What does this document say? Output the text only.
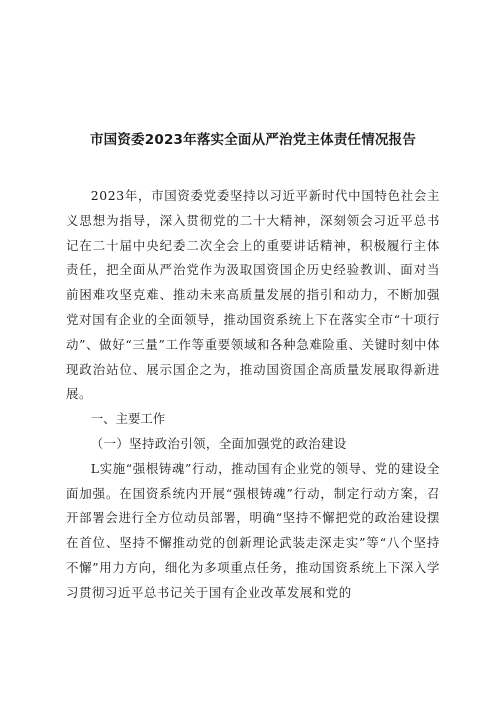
市国资委2023年落实全面从严治党主体责任情况报告

2023年，市国资委党委坚持以习近平新时代中国特色社会主义思想为指导，深入贯彻党的二十大精神，深刻领会习近平总书记在二十届中央纪委二次全会上的重要讲话精神，积极履行主体责任，把全面从严治党作为汲取国资国企历史经验教训、面对当前困难攻坚克难、推动未来高质量发展的指引和动力，不断加强党对国有企业的全面领导，推动国资系统上下在落实全市“十项行动”、做好“三量”工作等重要领域和各种急难险重、关键时刻中体现政治站位、展示国企之为，推动国资国企高质量发展取得新进展。

一、主要工作

（一）坚持政治引领，全面加强党的政治建设

L实施“强根铸魂”行动，推动国有企业党的领导、党的建设全面加强。在国资系统内开展“强根铸魂”行动，制定行动方案，召开部署会进行全方位动员部署，明确“坚持不懈把党的政治建设摆在首位、坚持不懈推动党的创新理论武装走深走实”等“八个坚持不懈”用力方向，细化为多项重点任务，推动国资系统上下深入学习贯彻习近平总书记关于国有企业改革发展和党的
